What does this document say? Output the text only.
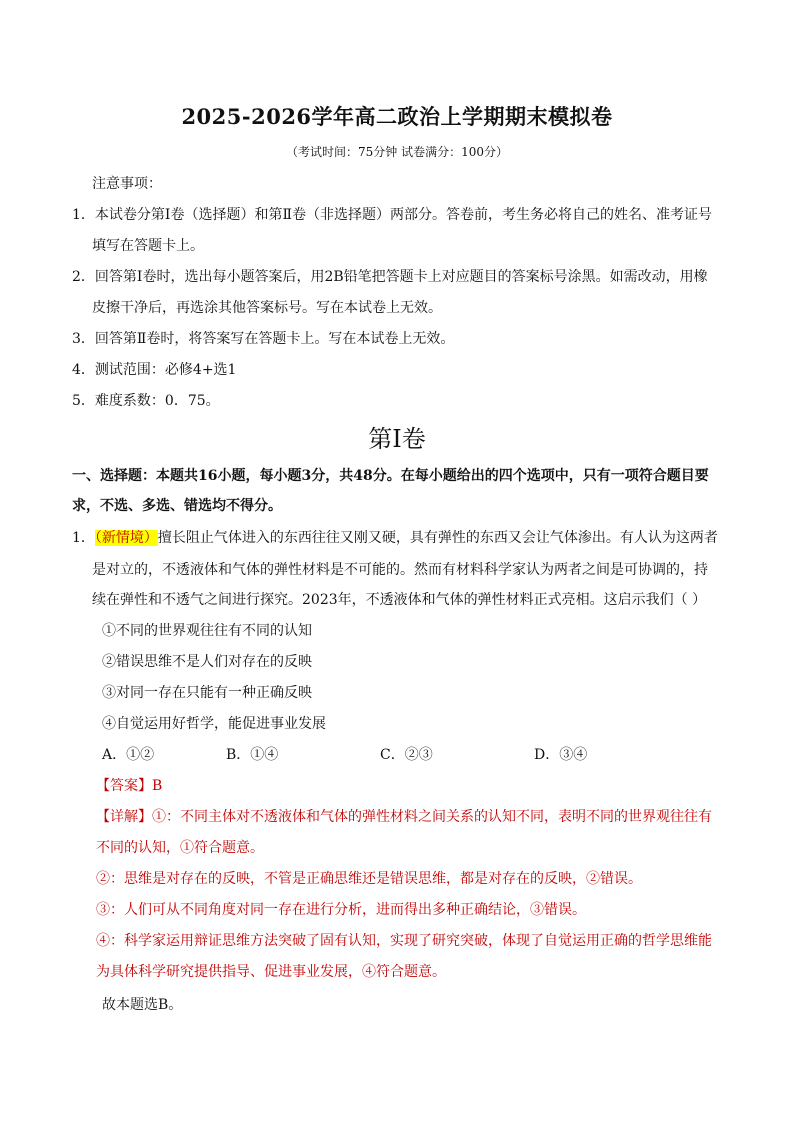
2025-2026学年高二政治上学期期末模拟卷
（考试时间：75分钟 试卷满分：100分）
注意事项：
1．本试卷分第Ⅰ卷（选择题）和第Ⅱ卷（非选择题）两部分。答卷前，考生务必将自己的姓名、准考证号
填写在答题卡上。
2．回答第Ⅰ卷时，选出每小题答案后，用2B铅笔把答题卡上对应题目的答案标号涂黑。如需改动，用橡
皮擦干净后，再选涂其他答案标号。写在本试卷上无效。
3．回答第Ⅱ卷时，将答案写在答题卡上。写在本试卷上无效。
4．测试范围：必修4+选1
5．难度系数：0．75。
第Ⅰ卷
一、选择题：本题共16小题，每小题3分，共48分。在每小题给出的四个选项中，只有一项符合题目要
求，不选、多选、错选均不得分。
1．（新情境）擅长阻止气体进入的东西往往又刚又硬，具有弹性的东西又会让气体渗出。有人认为这两者
是对立的，不透液体和气体的弹性材料是不可能的。然而有材料科学家认为两者之间是可协调的，持
续在弹性和不透气之间进行探究。2023年，不透液体和气体的弹性材料正式亮相。这启示我们（ ）
①不同的世界观往往有不同的认知
②错误思维不是人们对存在的反映
③对同一存在只能有一种正确反映
④自觉运用好哲学，能促进事业发展
A．①②	B．①④	C．②③	D．③④
【答案】B
【详解】①：不同主体对不透液体和气体的弹性材料之间关系的认知不同，表明不同的世界观往往有
不同的认知，①符合题意。
②：思维是对存在的反映，不管是正确思维还是错误思维，都是对存在的反映，②错误。
③：人们可从不同角度对同一存在进行分析，进而得出多种正确结论，③错误。
④：科学家运用辩证思维方法突破了固有认知，实现了研究突破，体现了自觉运用正确的哲学思维能
为具体科学研究提供指导、促进事业发展，④符合题意。
故本题选B。
